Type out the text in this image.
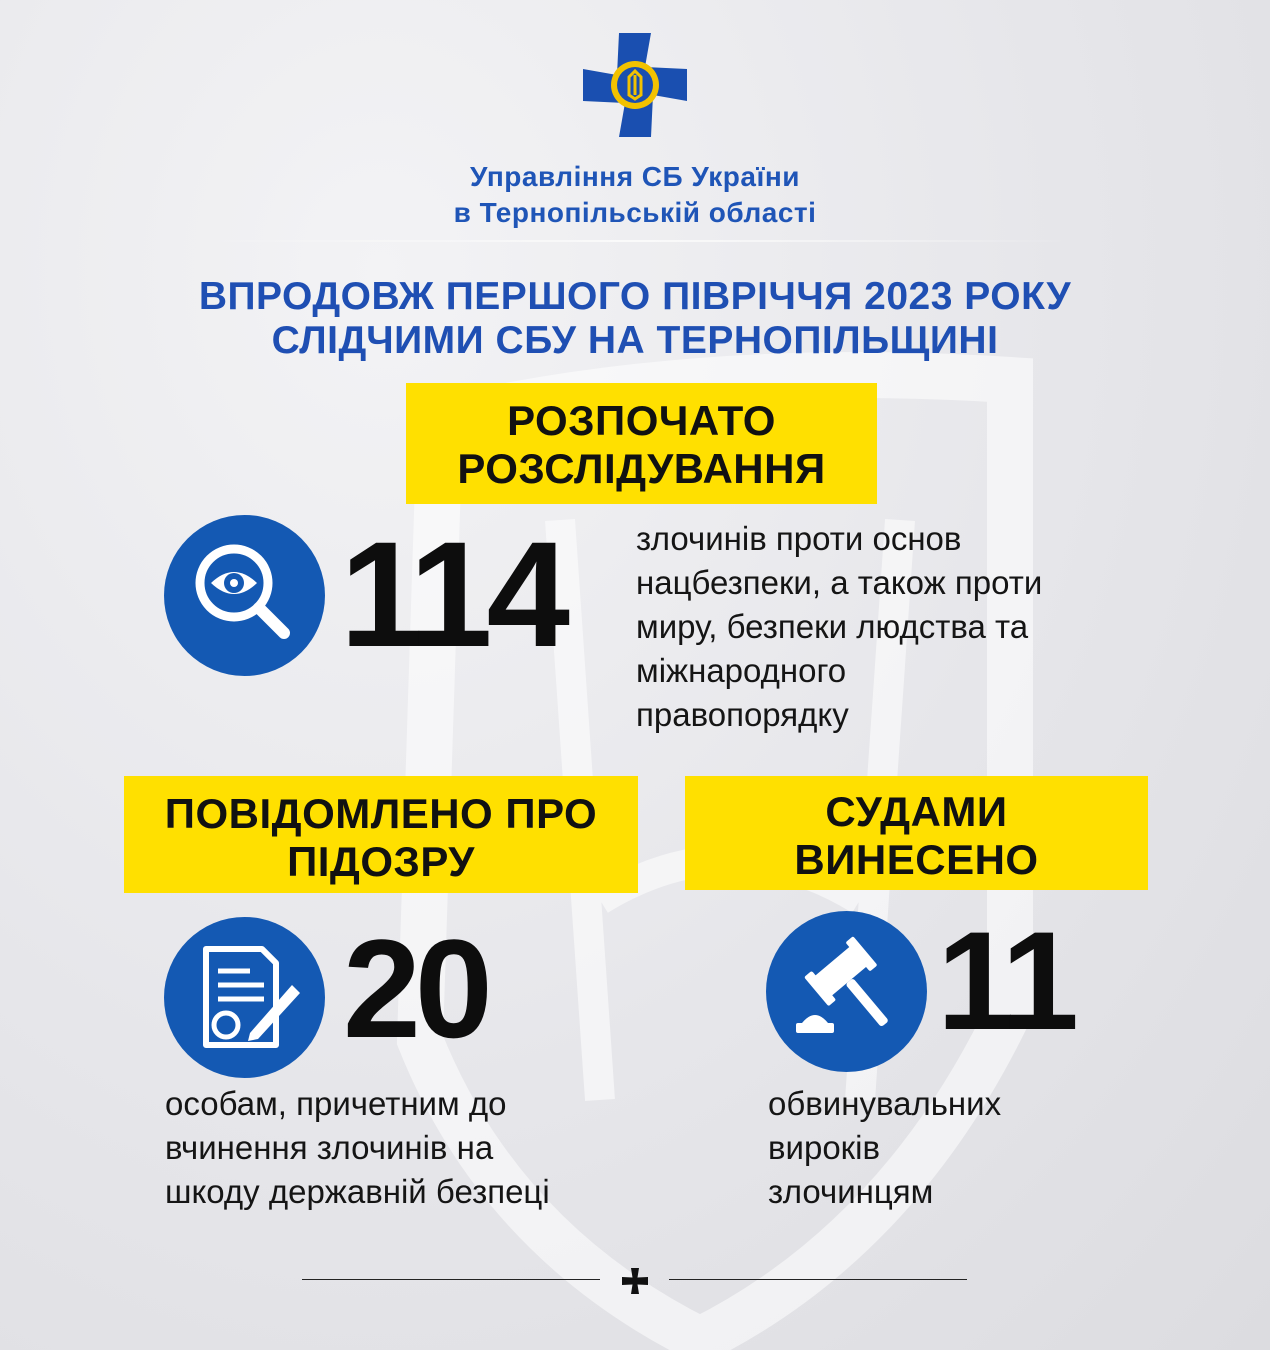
Управління СБ України
в Тернопільській області
ВПРОДОВЖ ПЕРШОГО ПІВРІЧЧЯ 2023 РОКУ
СЛІДЧИМИ СБУ НА ТЕРНОПІЛЬЩИНІ
РОЗПОЧАТО
РОЗСЛІДУВАННЯ
114 злочинів проти основ
нацбезпеки, а також проти
миру, безпеки людства та
міжнародного
правопорядку
ПОВІДОМЛЕНО ПРО
ПІДОЗРУ
20
особам, причетним до
вчинення злочинів на
шкоду державній безпеці
СУДАМИ
ВИНЕСЕНО
11
обвинувальних
вироків
злочинцям
